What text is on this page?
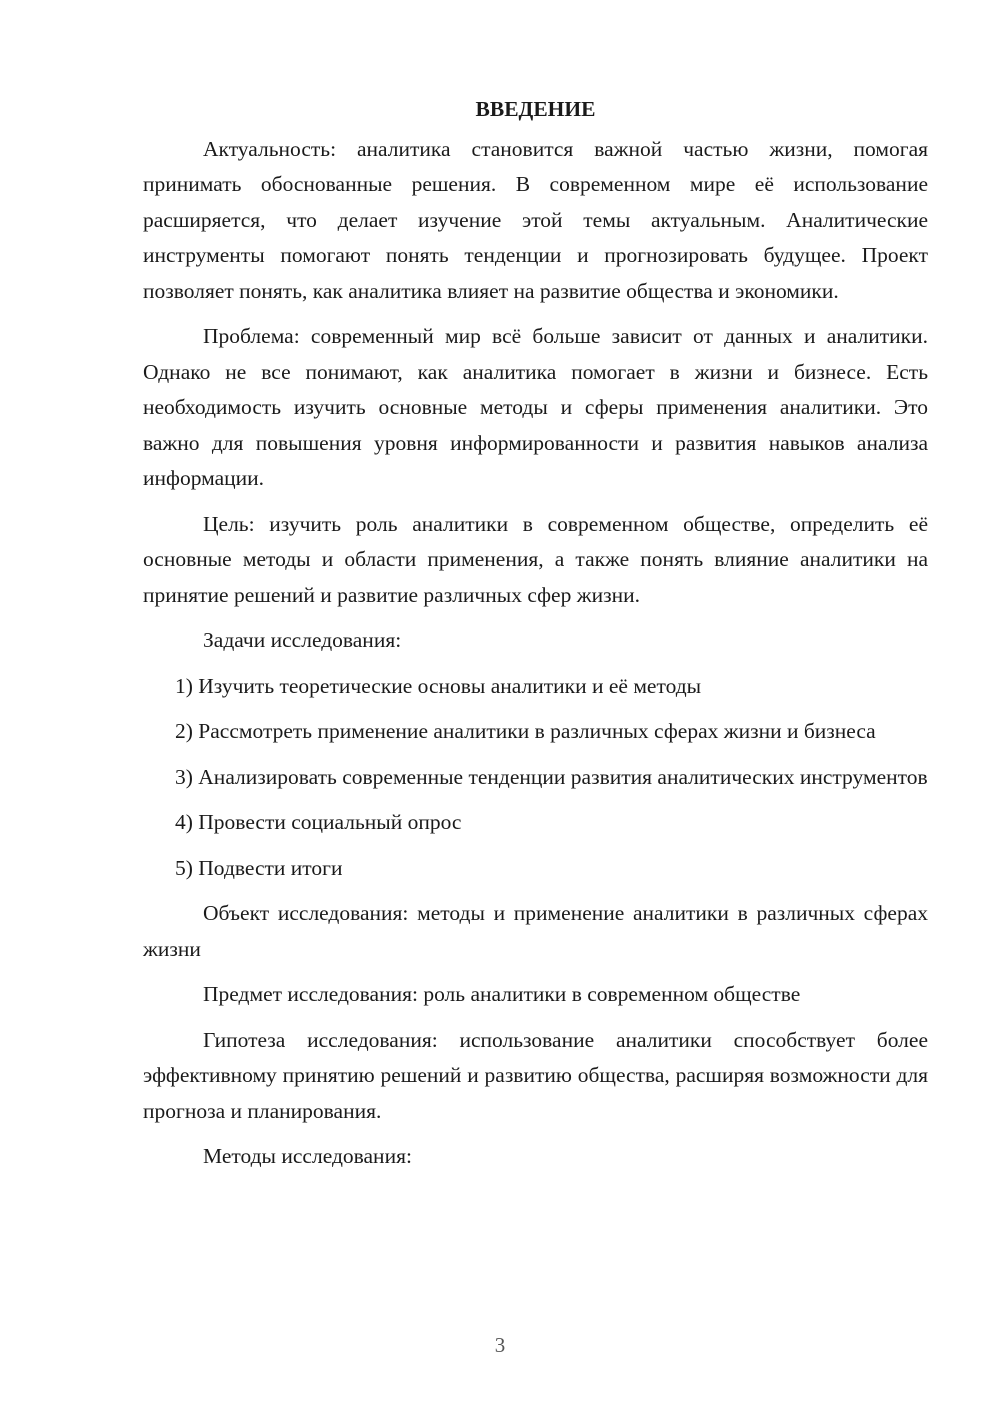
ВВЕДЕНИЕ

Актуальность: аналитика становится важной частью жизни, помогая принимать обоснованные решения. В современном мире её использование расширяется, что делает изучение этой темы актуальным. Аналитические инструменты помогают понять тенденции и прогнозировать будущее. Проект позволяет понять, как аналитика влияет на развитие общества и экономики.

Проблема: современный мир всё больше зависит от данных и аналитики. Однако не все понимают, как аналитика помогает в жизни и бизнесе. Есть необходимость изучить основные методы и сферы применения аналитики. Это важно для повышения уровня информированности и развития навыков анализа информации.

Цель: изучить роль аналитики в современном обществе, определить её основные методы и области применения, а также понять влияние аналитики на принятие решений и развитие различных сфер жизни.

Задачи исследования:

1) Изучить теоретические основы аналитики и её методы

2) Рассмотреть применение аналитики в различных сферах жизни и бизнеса

3) Анализировать современные тенденции развития аналитических инструментов

4) Провести социальный опрос

5) Подвести итоги

Объект исследования: методы и применение аналитики в различных сферах жизни

Предмет исследования: роль аналитики в современном обществе

Гипотеза исследования: использование аналитики способствует более эффективному принятию решений и развитию общества, расширяя возможности для прогноза и планирования.

Методы исследования:

3
